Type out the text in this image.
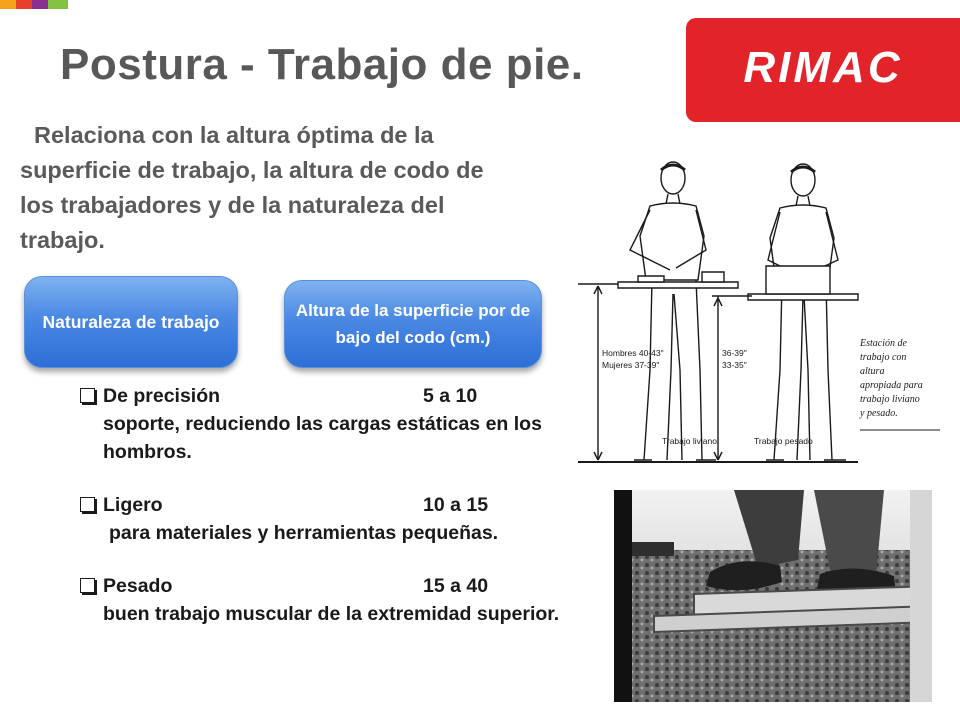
Postura - Trabajo de pie.	RIMAC

Relaciona con la altura óptima de la superficie de trabajo, la altura de codo de los trabajadores y de la naturaleza del trabajo.

Naturaleza de trabajo
Altura de la superficie por de bajo del codo (cm.)
De precisión	5 a 10
soporte, reduciendo las cargas estáticas en los hombros.
Ligero	10 a 15
para materiales y herramientas pequeñas.
Pesado	15 a 40
buen trabajo muscular de la extremidad superior.
Hombres 40-43"
Mujeres 37-39"
36-39"
33-35"
Trabajo liviano	Trabajo pesado
Estación de
trabajo con
altura
apropiada para
trabajo liviano
y pesado.
